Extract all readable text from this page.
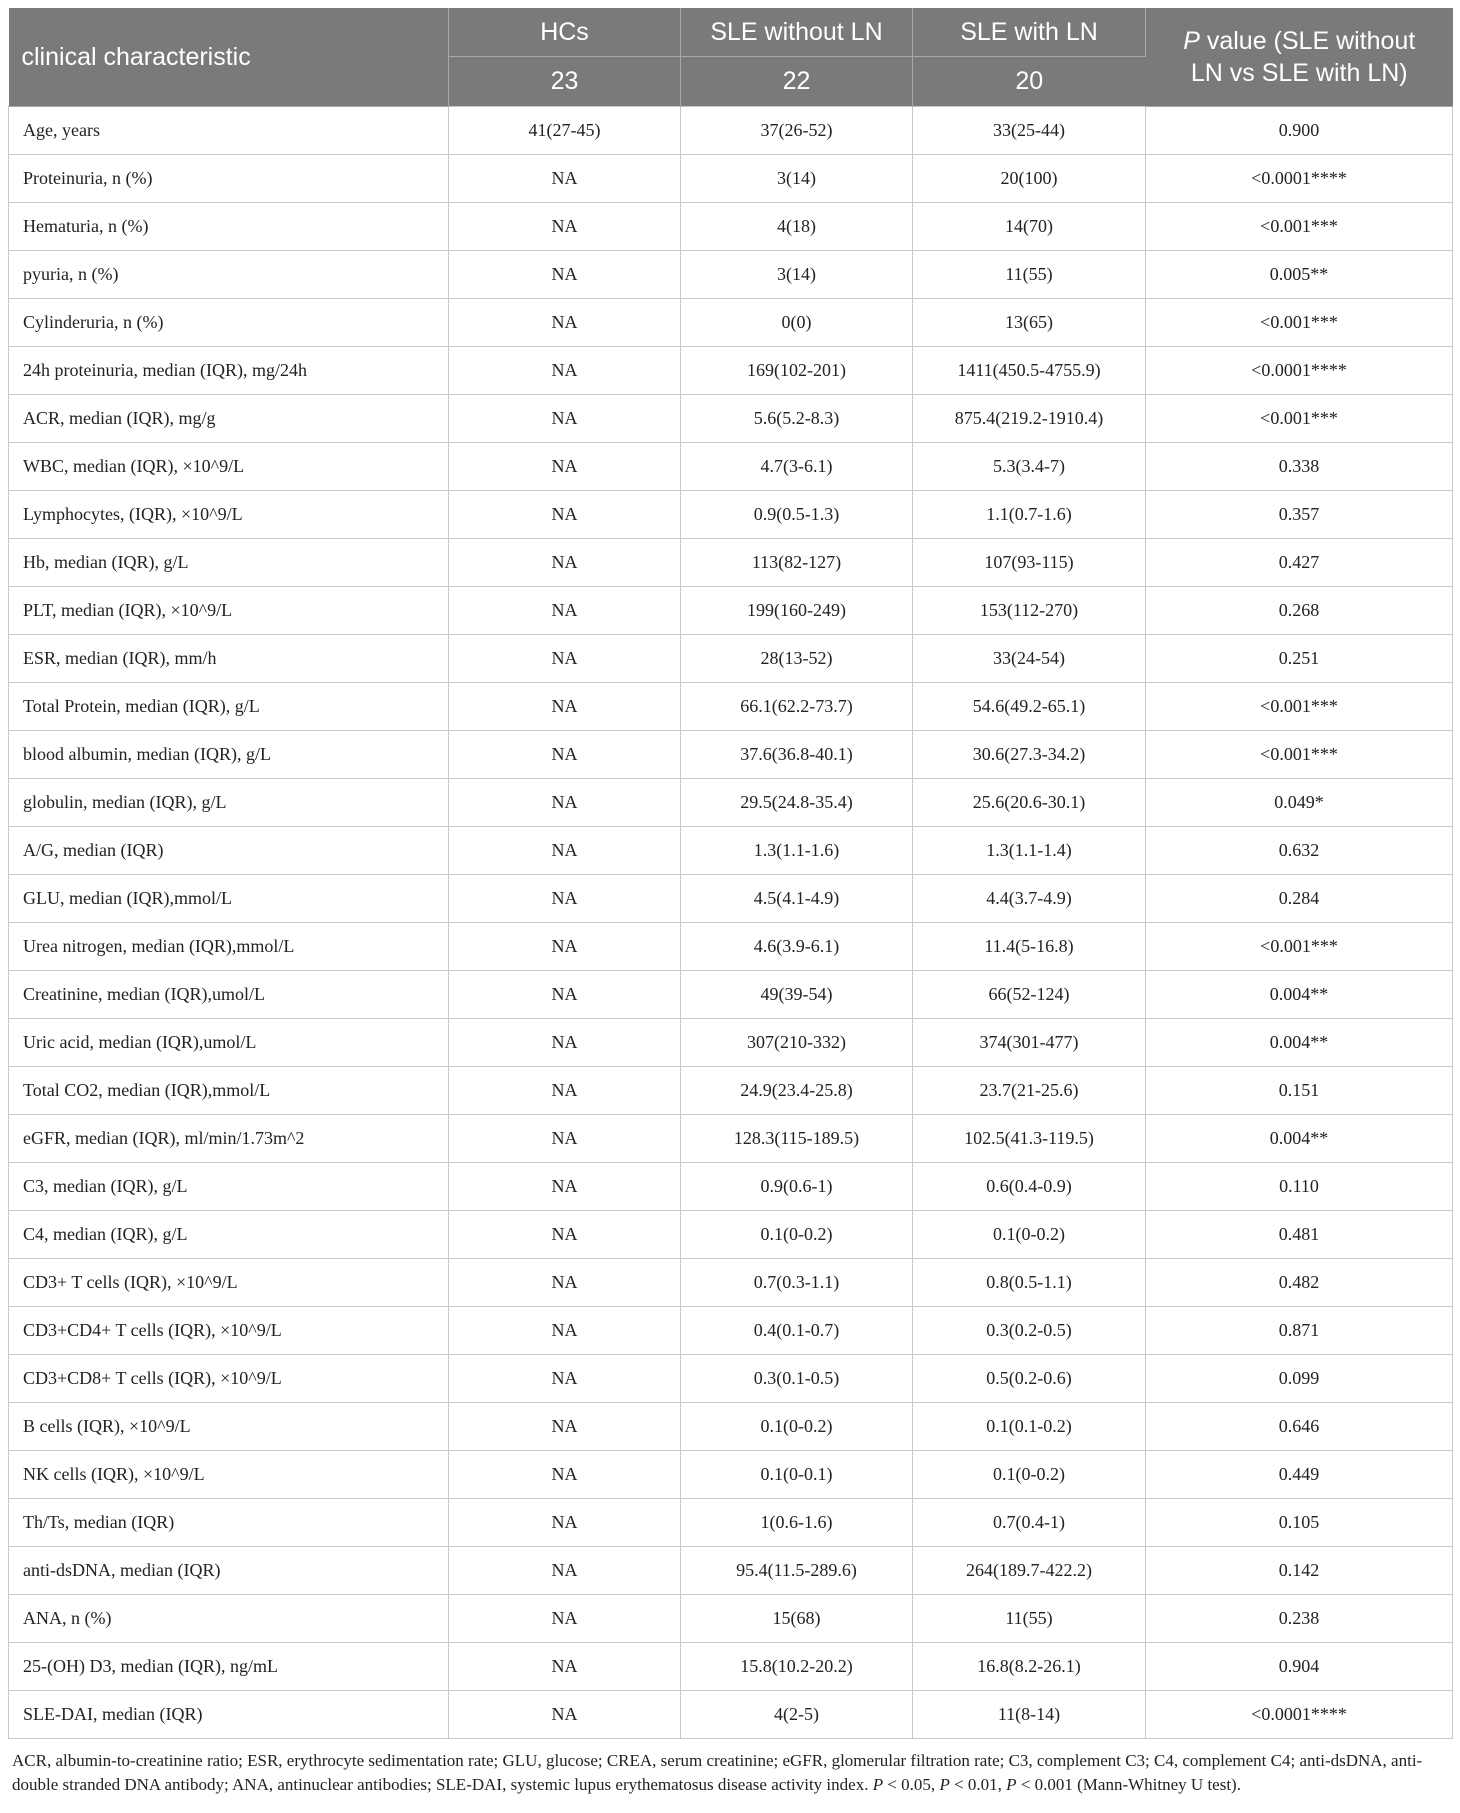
clinical characteristic	HCs	SLE without LN	SLE with LN	P value (SLE without
LN vs SLE with LN)
	23	22	20	
Age, years	41(27-45)	37(26-52)	33(25-44)	0.900
Proteinuria, n (%)	NA	3(14)	20(100)	<0.0001****
Hematuria, n (%)	NA	4(18)	14(70)	<0.001***
pyuria, n (%)	NA	3(14)	11(55)	0.005**
Cylinderuria, n (%)	NA	0(0)	13(65)	<0.001***
24h proteinuria, median (IQR), mg/24h	NA	169(102-201)	1411(450.5-4755.9)	<0.0001****
ACR, median (IQR), mg/g	NA	5.6(5.2-8.3)	875.4(219.2-1910.4)	<0.001***
WBC, median (IQR), ×10^9/L	NA	4.7(3-6.1)	5.3(3.4-7)	0.338
Lymphocytes, (IQR), ×10^9/L	NA	0.9(0.5-1.3)	1.1(0.7-1.6)	0.357
Hb, median (IQR), g/L	NA	113(82-127)	107(93-115)	0.427
PLT, median (IQR), ×10^9/L	NA	199(160-249)	153(112-270)	0.268
ESR, median (IQR), mm/h	NA	28(13-52)	33(24-54)	0.251
Total Protein, median (IQR), g/L	NA	66.1(62.2-73.7)	54.6(49.2-65.1)	<0.001***
blood albumin, median (IQR), g/L	NA	37.6(36.8-40.1)	30.6(27.3-34.2)	<0.001***
globulin, median (IQR), g/L	NA	29.5(24.8-35.4)	25.6(20.6-30.1)	0.049*
A/G, median (IQR)	NA	1.3(1.1-1.6)	1.3(1.1-1.4)	0.632
GLU, median (IQR),mmol/L	NA	4.5(4.1-4.9)	4.4(3.7-4.9)	0.284
Urea nitrogen, median (IQR),mmol/L	NA	4.6(3.9-6.1)	11.4(5-16.8)	<0.001***
Creatinine, median (IQR),umol/L	NA	49(39-54)	66(52-124)	0.004**
Uric acid, median (IQR),umol/L	NA	307(210-332)	374(301-477)	0.004**
Total CO2, median (IQR),mmol/L	NA	24.9(23.4-25.8)	23.7(21-25.6)	0.151
eGFR, median (IQR), ml/min/1.73m^2	NA	128.3(115-189.5)	102.5(41.3-119.5)	0.004**
C3, median (IQR), g/L	NA	0.9(0.6-1)	0.6(0.4-0.9)	0.110
C4, median (IQR), g/L	NA	0.1(0-0.2)	0.1(0-0.2)	0.481
CD3+ T cells (IQR), ×10^9/L	NA	0.7(0.3-1.1)	0.8(0.5-1.1)	0.482
CD3+CD4+ T cells (IQR), ×10^9/L	NA	0.4(0.1-0.7)	0.3(0.2-0.5)	0.871
CD3+CD8+ T cells (IQR), ×10^9/L	NA	0.3(0.1-0.5)	0.5(0.2-0.6)	0.099
B cells (IQR), ×10^9/L	NA	0.1(0-0.2)	0.1(0.1-0.2)	0.646
NK cells (IQR), ×10^9/L	NA	0.1(0-0.1)	0.1(0-0.2)	0.449
Th/Ts, median (IQR)	NA	1(0.6-1.6)	0.7(0.4-1)	0.105
anti-dsDNA, median (IQR)	NA	95.4(11.5-289.6)	264(189.7-422.2)	0.142
ANA, n (%)	NA	15(68)	11(55)	0.238
25-(OH) D3, median (IQR), ng/mL	NA	15.8(10.2-20.2)	16.8(8.2-26.1)	0.904
SLE-DAI, median (IQR)	NA	4(2-5)	11(8-14)	<0.0001****
ACR, albumin-to-creatinine ratio; ESR, erythrocyte sedimentation rate; GLU, glucose; CREA, serum creatinine; eGFR, glomerular filtration rate; C3, complement C3; C4, complement C4; anti-dsDNA, anti-double stranded DNA antibody; ANA, antinuclear antibodies; SLE-DAI, systemic lupus erythematosus disease activity index. P < 0.05, P < 0.01, P < 0.001 (Mann-Whitney U test).
